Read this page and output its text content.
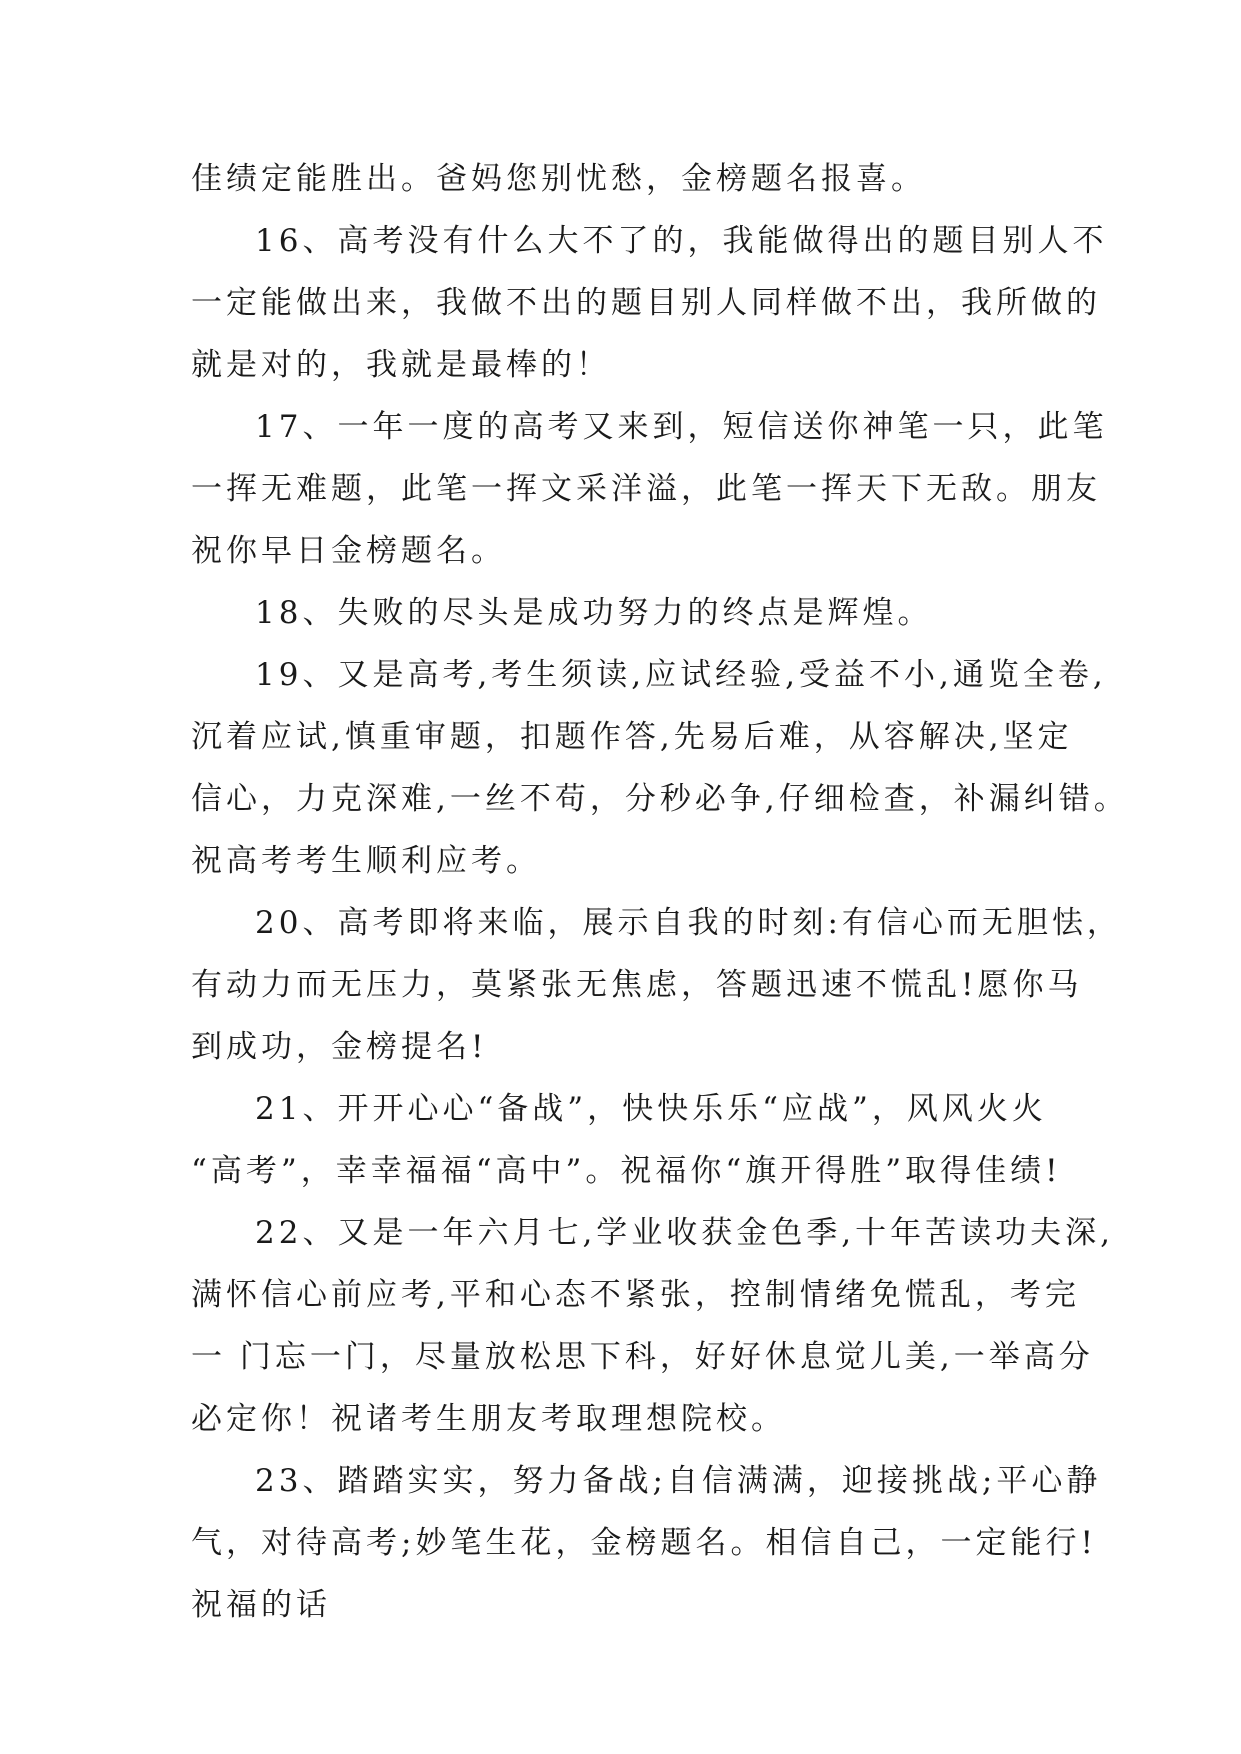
佳绩定能胜出。爸妈您别忧愁，金榜题名报喜。

16、高考没有什么大不了的，我能做得出的题目别人不
一定能做出来，我做不出的题目别人同样做不出，我所做的
就是对的，我就是最棒的！

17、一年一度的高考又来到，短信送你神笔一只，此笔
一挥无难题，此笔一挥文采洋溢，此笔一挥天下无敌。朋友
祝你早日金榜题名。

18、失败的尽头是成功努力的终点是辉煌。

19、又是高考,考生须读,应试经验,受益不小,通览全卷,
沉着应试,慎重审题，扣题作答,先易后难，从容解决,坚定
信心，力克深难,一丝不苟，分秒必争,仔细检查，补漏纠错。
祝高考考生顺利应考。

20、高考即将来临，展示自我的时刻:有信心而无胆怯，
有动力而无压力，莫紧张无焦虑，答题迅速不慌乱!愿你马
到成功，金榜提名!

21、开开心心“备战”，快快乐乐“应战”，风风火火
“高考”，幸幸福福“高中”。祝福你“旗开得胜”取得佳绩!

22、又是一年六月七,学业收获金色季,十年苦读功夫深,
满怀信心前应考,平和心态不紧张，控制情绪免慌乱，考完
一 门忘一门，尽量放松思下科，好好休息觉儿美,一举高分
必定你！祝诸考生朋友考取理想院校。

23、踏踏实实，努力备战;自信满满，迎接挑战;平心静
气，对待高考;妙笔生花，金榜题名。相信自己，一定能行!
祝福的话
